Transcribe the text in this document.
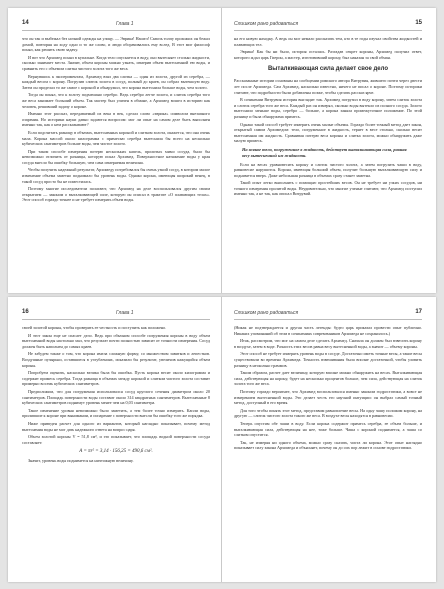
14	Глава 1

что он так и выбежал без ночной одежды на улицу. — Эврика! Нашел! Сквозь толпу прохожих он бежал домой, повторяя на ходу одно и то же слово, и люди оборачивались ему вслед. В этот миг философ понял, как решить свою задачу.

И вот что Архимед понял в купальне. Когда тело опускается в воду, оно вытесняет столько жидкости, сколько занимает места. Значит, объем короны можно узнать, измерив объем вытесненной ею воды, и сравнить его с объемом слитка чистого золота того же веса.

Вернувшись к экспериментам, Архимед взял два слитка — один из золота, другой из серебра, — каждый весом с корону. Погрузив слиток золота в сосуд, полный до краев, он собрал вытекшую воду. Затем он проделал то же самое с короной и обнаружил, что корона вытеснила больше воды, чем золото.

Тогда он понял, что к золоту подмешано серебро. Ведь серебро легче золота, и слиток серебра того же веса занимает больший объем. Так мастер был уличен в обмане, а Архимед вошел в историю как человек, решивший задачу о короне.

Именно этот рассказ, передаваемый из века в век, сделал слово «эврика» символом внезапного озарения. Но историки науки давно задаются вопросом: мог ли опыт на самом деле быть выполнен именно так, как о нем рассказывают?

Если подсчитать разницу в объемах, вытесненных короной и слитком золота, окажется, что она очень мала. Корона массой около килограмма с примесью серебра вытеснила бы всего на несколько кубических сантиметров больше воды, чем чистое золото.

При таком способе измерения потерю нескольких капель, пролитых мимо сосуда, было бы невозможно отличить от разницы, которую искал Архимед. Поверхностное натяжение воды у края сосуда внесло бы ошибку большую, чем сама измеряемая величина.

Чтобы получить надежный результат, Архимеду потребовался бы очень узкий сосуд, в котором малое изменение объема заметно поднимало бы уровень воды. Однако корона, имеющая широкий венец, в такой сосуд просто бы не поместилась.

Поэтому многие исследователи полагают, что Архимед на деле воспользовался другим своим открытием — законом о выталкивающей силе, которую он описал в трактате «О плавающих телах». Этот способ гораздо точнее и не требует измерять объем воды.

Слишком рано радоваться	15

на его новую находку. А ведь он мог немало рассказать тем, кто в те годы изучал свойства жидкостей и плавающих тел.

Эврика! Как бы ни было, история осталась. Разгадав секрет короны, Архимед получил ответ, которого ждал царь Гиерон, а мастер, изготовивший корону, был наказан за свой обман.

Выталкивающая сила делает свое дело

Рассказанные истории основаны на сообщении римского автора Витрувия, жившего почти через двести лет после Архимеда. Сам Архимед, насколько известно, ничего не писал о короне. Поэтому историки считают, что подробности были добавлены позже, чтобы сделать рассказ ярче.

В сочинении Витрувия история выглядит так. Архимед погрузил в воду корону, затем слиток золота и слиток серебра того же веса. Каждый раз он измерял, сколько воды вытекло из полного сосуда. Золото вытеснило меньше воды, серебро — больше, а корона заняла промежуточное положение. По этой разнице и была обнаружена примесь.

Однако такой способ требует измерять очень малые объемы. Гораздо более точный метод дает закон, открытый самим Архимедом: тело, погруженное в жидкость, теряет в весе столько, сколько весит вытесненная им жидкость. Сравнивая потерю веса короны и слитка золота, можно обнаружить даже малую примесь.

На всякое тело, погруженное в жидкость, действует выталкивающая сила, равная весу вытесненной им жидкости.

Если на весах уравновесить корону и слиток чистого золота, а затем погрузить чаши в воду, равновесие нарушится. Корона, имеющая больший объем, получит большую выталкивающую силу и поднимется вверх. Даже небольшая разница в объемах сразу станет заметна.

Такой опыт легко выполнить с помощью простейших весов. Он не требует ни узких сосудов, ни точного измерения пролитой воды. Неудивительно, что многие ученые считают, что Архимед поступил именно так, а не так, как описал Витрувий.

16	Глава 1

своей золотой короны, чтобы проверить ее честность и поступить как положено.

И этот закон еще не спасает дело. Ведь при обычном способе погружения короны в воду объем вытесненной воды настолько мал, что результат почти полностью зависит от точности измерения. Сосуд должен быть наполнен до самых краев.

Не забудем также о том, что корона имела сложную форму, со множеством завитков и лепестков. Воздушные пузырьки, оставшиеся в углублениях, исказили бы результат, увеличив кажущийся объем короны.

Попробуем оценить, насколько велика была бы ошибка. Пусть корона весит около килограмма и содержит примесь серебра. Тогда разница в объемах между короной и слитком чистого золота составит примерно восемь кубических сантиметров.

Предположим, что для погружения использовался сосуд круглого сечения диаметром около 20 сантиметров. Площадь поверхности воды составит около 314 квадратных сантиметров. Вытесненные 8 кубических сантиметров поднимут уровень менее чем на 0,03 сантиметра.

Такое изменение уровня невозможно было заметить, а тем более точно измерить. Капли воды, прилипшие к короне при вынимании, и испарение с поверхности внесли бы ошибку того же порядка.

Ниже приведен расчет для одного из вариантов, который наглядно показывает, почему метод вытеснения воды не мог дать надежного ответа на вопрос царя.

Объем золотой короны V = 51,8 см³, и это показывает, что площадь водной поверхности сосуда составляет:

A = πr² = 3,14 · 156,25 = 490,6 см².

Значит, уровень воды поднимется на ничтожную величину.

Слишком рано радоваться	17

(Никак не подтверждается и другая часть легенды: будто царь приказал провести опыт публично. Никаких упоминаний об этом в сочинениях современников Архимеда не сохранилось.)

Итак, рассмотрим, что мог на самом деле сделать Архимед. Сначала он должен был взвесить корону в воздухе, затем в воде. Разность этих весов равна весу вытесненной воды, а значит — объему короны.

Этот способ не требует измерять уровень воды в сосуде. Достаточно иметь точные весы, а такие весы существовали во времена Архимеда. Точность взвешивания была вполне достаточной, чтобы уловить разницу в несколько граммов.

Таким образом, расчет дает величину, которую вполне можно обнаружить на весах. Выталкивающая сила, действующая на корону, будет на несколько процентов больше, чем сила, действующая на слиток золота того же веса.

Поэтому гораздо вероятнее, что Архимед воспользовался именно законом гидростатики, а вовсе не измерением вытесненной воды. Это делает честь его научной интуиции: он выбрал самый точный метод, доступный в его время.

Для того чтобы понять этот метод, представим равноплечие весы. На одну чашу положим корону, на другую — слиток чистого золота такого же веса. В воздухе весы находятся в равновесии.

Теперь опустим обе чаши в воду. Если корона содержит примесь серебра, ее объем больше, и выталкивающая сила, действующая на нее, тоже больше. Чаша с короной поднимется, а чаша со слитком опустится.

Так, не измеряя ни одного объема, можно сразу сказать, чиста ли корона. Этот опыт наглядно показывает силу закона Архимеда и объясняет, почему он до сих пор лежит в основе гидростатики.
